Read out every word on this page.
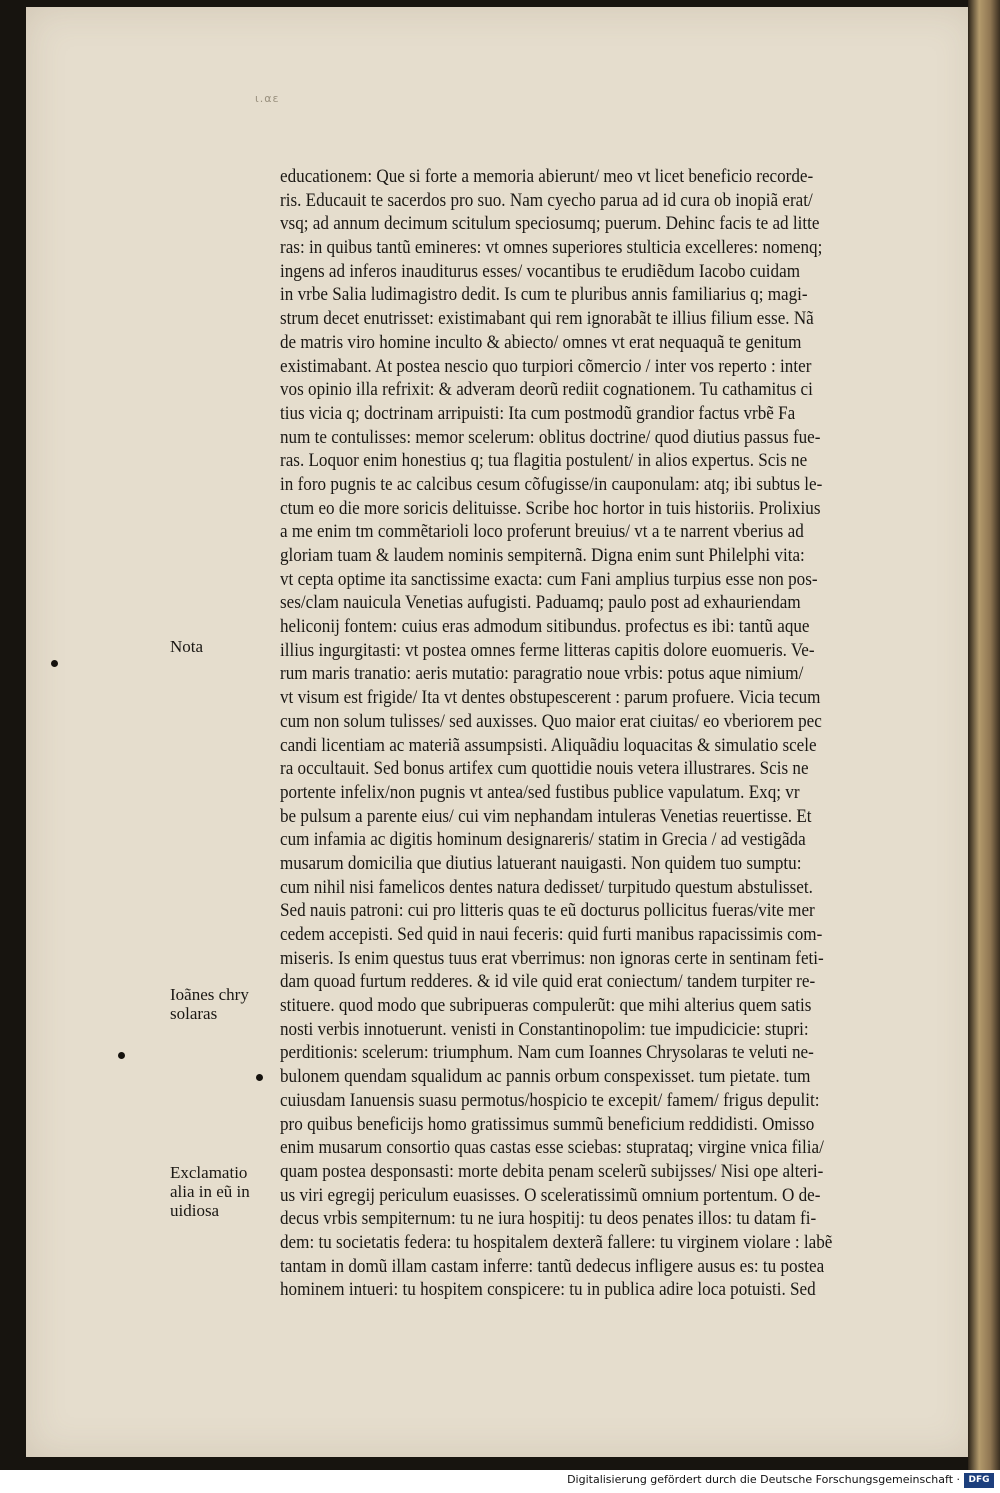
ι.αε
educationem: Que si forte a memoria abierunt/ meo vt licet beneficio recorde‑
ris. Educauit te sacerdos pro suo. Nam cyecho parua ad id cura ob inopiã erat/
vsq; ad annum decimum scitulum speciosumq; puerum. Dehinc facis te ad litte
ras: in quibus tantũ emineres: vt omnes superiores stulticia excelleres: nomenq;
ingens ad inferos inauditurus esses/ vocantibus te erudiẽdum Iacobo cuidam
in vrbe Salia ludimagistro dedit. Is cum te pluribus annis familiarius q; magi‑
strum decet enutrisset: existimabant qui rem ignorabãt te illius filium esse. Nã
de matris viro homine inculto & abiecto/ omnes vt erat nequaquã te genitum
existimabant. At postea nescio quo turpiori cõmercio / inter vos reperto : inter
vos opinio illa refrixit: & adveram deorũ rediit cognationem. Tu cathamitus ci
tius vicia q; doctrinam arripuisti: Ita cum postmodũ grandior factus vrbẽ Fa
num te contulisses: memor scelerum: oblitus doctrine/ quod diutius passus fue‑
ras. Loquor enim honestius q; tua flagitia postulent/ in alios expertus. Scis ne
in foro pugnis te ac calcibus cesum cõfugisse/in cauponulam: atq; ibi subtus le‑
ctum eo die more soricis delituisse. Scribe hoc hortor in tuis historiis. Prolixius
a me enim tm commẽtarioli loco proferunt breuius/ vt a te narrent vberius ad
gloriam tuam & laudem nominis sempiternã. Digna enim sunt Philelphi vita:
vt cepta optime ita sanctissime exacta: cum Fani amplius turpius esse non pos‑
ses/clam nauicula Venetias aufugisti. Paduamq; paulo post ad exhauriendam
heliconij fontem: cuius eras admodum sitibundus. profectus es ibi: tantũ aque
illius ingurgitasti: vt postea omnes ferme litteras capitis dolore euomueris. Ve‑
rum maris tranatio: aeris mutatio: paragratio noue vrbis: potus aque nimium/
vt visum est frigide/ Ita vt dentes obstupescerent : parum profuere. Vicia tecum
cum non solum tulisses/ sed auxisses. Quo maior erat ciuitas/ eo vberiorem pec
candi licentiam ac materiã assumpsisti. Aliquãdiu loquacitas & simulatio scele
ra occultauit. Sed bonus artifex cum quottidie nouis vetera illustrares. Scis ne
portente infelix/non pugnis vt antea/sed fustibus publice vapulatum. Exq; vr
be pulsum a parente eius/ cui vim nephandam intuleras Venetias reuertisse. Et
cum infamia ac digitis hominum designareris/ statim in Grecia / ad vestigãda
musarum domicilia que diutius latuerant nauigasti. Non quidem tuo sumptu:
cum nihil nisi famelicos dentes natura dedisset/ turpitudo questum abstulisset.
Sed nauis patroni: cui pro litteris quas te eũ docturus pollicitus fueras/vite mer
cedem accepisti. Sed quid in naui feceris: quid furti manibus rapacissimis com‑
miseris. Is enim questus tuus erat vberrimus: non ignoras certe in sentinam feti‑
dam quoad furtum redderes. & id vile quid erat coniectum/ tandem turpiter re‑
stituere. quod modo que subripueras compulerũt: que mihi alterius quem satis
nosti verbis innotuerunt. venisti in Constantinopolim: tue impudicicie: stupri:
perditionis: scelerum: triumphum. Nam cum Ioannes Chrysolaras te veluti ne‑
bulonem quendam squalidum ac pannis orbum conspexisset. tum pietate. tum
cuiusdam Ianuensis suasu permotus/hospicio te excepit/ famem/ frigus depulit:
pro quibus beneficijs homo gratissimus summũ beneficium reddidisti. Omisso
enim musarum consortio quas castas esse sciebas: stuprataq; virgine vnica filia/
quam postea desponsasti: morte debita penam scelerũ subijsses/ Nisi ope alteri‑
us viri egregij periculum euasisses. O sceleratissimũ omnium portentum. O de‑
decus vrbis sempiternum: tu ne iura hospitij: tu deos penates illos: tu datam fi‑
dem: tu societatis federa: tu hospitalem dexterã fallere: tu virginem violare : labẽ
tantam in domũ illam castam inferre: tantũ dedecus infligere ausus es: tu postea
hominem intueri: tu hospitem conspicere: tu in publica adire loca potuisti. Sed
Nota
Ioãnes chry
solaras
Exclamatio
alia in eũ in
uidiosa
Digitalisierung gefördert durch die Deutsche Forschungsgemeinschaft · DFG
